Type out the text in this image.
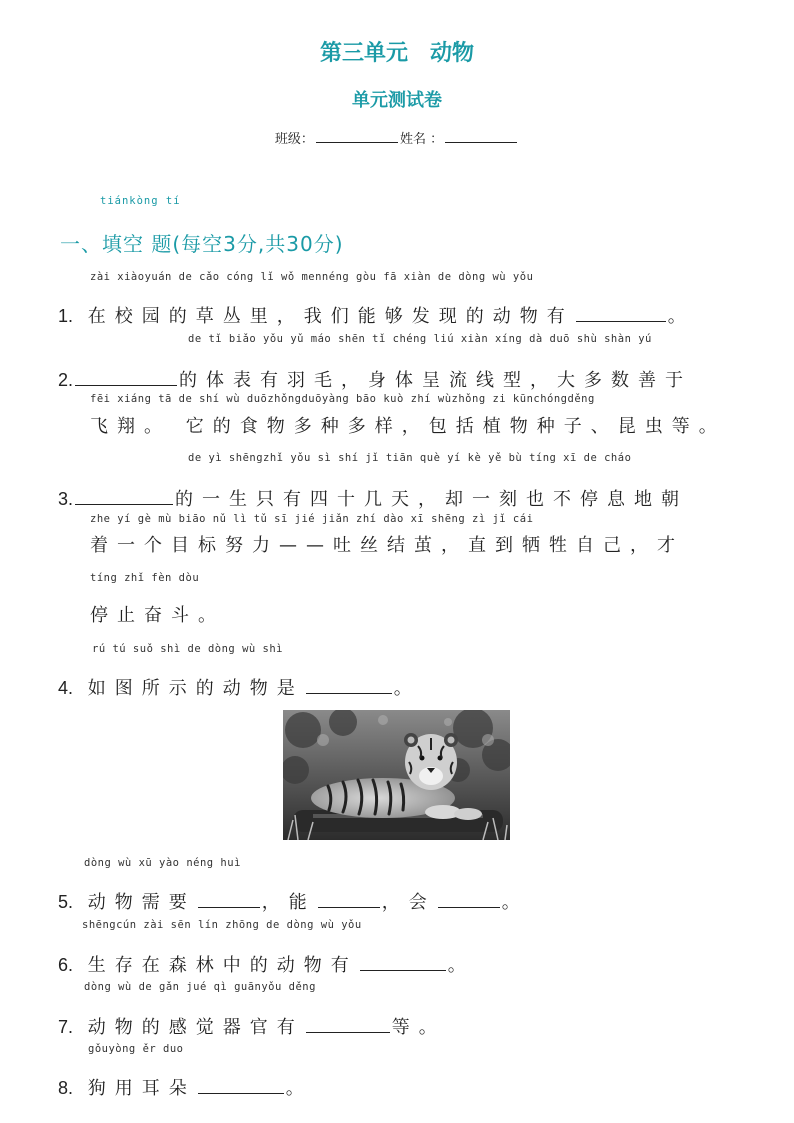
第三单元　动物
单元测试卷
班级：	姓名 ：
tiánkòng tí
一、填空 题(每空3分,共30分)
zài xiàoyuán de cǎo cóng lǐ wǒ mennéng gòu fā xiàn de dòng wù yǒu
1. 在校园的草丛里，我们能够发现的动物有	。
de tǐ biǎo yǒu yǔ máo shēn tǐ chéng liú xiàn xíng dà duō shù shàn yú
2.	的体表有羽毛，身体呈流线型，大多数善于
fēi xiáng tā de shí wù duōzhǒngduōyàng bāo kuò zhí wùzhǒng zi kūnchóngděng
飞翔。 它的食物多种多样，包括植物种子、昆虫等。
de yì shēngzhǐ yǒu sì shí jǐ tiān què yí kè yě bù tíng xī de cháo
3.	的一生只有四十几天，却一刻也不停息地朝
zhe yí gè mù biāo nǔ lì tǔ sī jié jiǎn zhí dào xī shēng zì jǐ cái
着一个目标努力——吐丝结茧，直到牺牲自己，才
tíng zhǐ fèn dòu
停止奋斗。
rú tú suǒ shì de dòng wù shì
4. 如图所示的动物是	。
dòng wù xū yào néng huì
5. 动物需要	，能	，会	。
shēngcún zài sēn lín zhōng de dòng wù yǒu
6. 生存在森林中的动物有	。
dòng wù de gǎn jué qì guānyǒu děng
7. 动物的感觉器官有	等。
gǒuyòng ěr duo
8. 狗用耳朵	。
